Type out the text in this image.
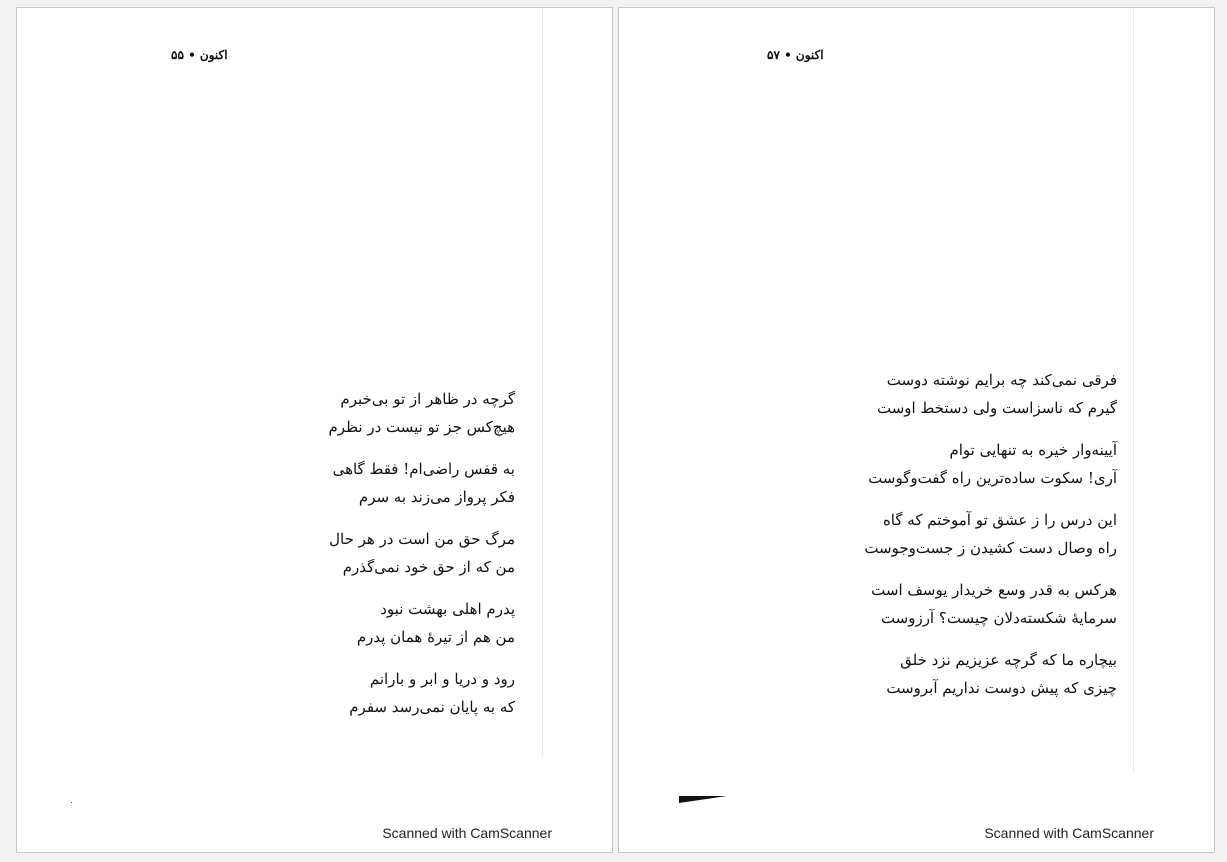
اکنون • ۵۵
گرچه در ظاهر از تو بی‌خبرم
هیچ‌کس جز تو نیست در نظرم
به قفس راضی‌ام! فقط گاهی
فکر پرواز می‌زند به سرم
مرگ حق من است در هر حال
من که از حق خود نمی‌گذرم
پدرم اهلی بهشت نبود
من هم از تیرهٔ همان پدرم
رود و دریا و ابر و بارانم
که به پایان نمی‌رسد سفرم
Scanned with CamScanner
اکنون • ۵۷
فرقی نمی‌کند چه برایم نوشته دوست
گیرم که ناسزاست ولی دستخط اوست
آیینه‌وار خیره به تنهایی توام
آری! سکوت ساده‌ترین راه گفت‌وگوست
این درس را ز عشق تو آموختم که گاه
راه وصال دست کشیدن ز جست‌وجوست
هرکس به قدر وسع خریدار یوسف است
سرمایهٔ شکسته‌دلان چیست؟ آرزوست
بیچاره ما که گرچه عزیزیم نزد خلق
چیزی که پیش دوست نداریم آبروست
Scanned with CamScanner
